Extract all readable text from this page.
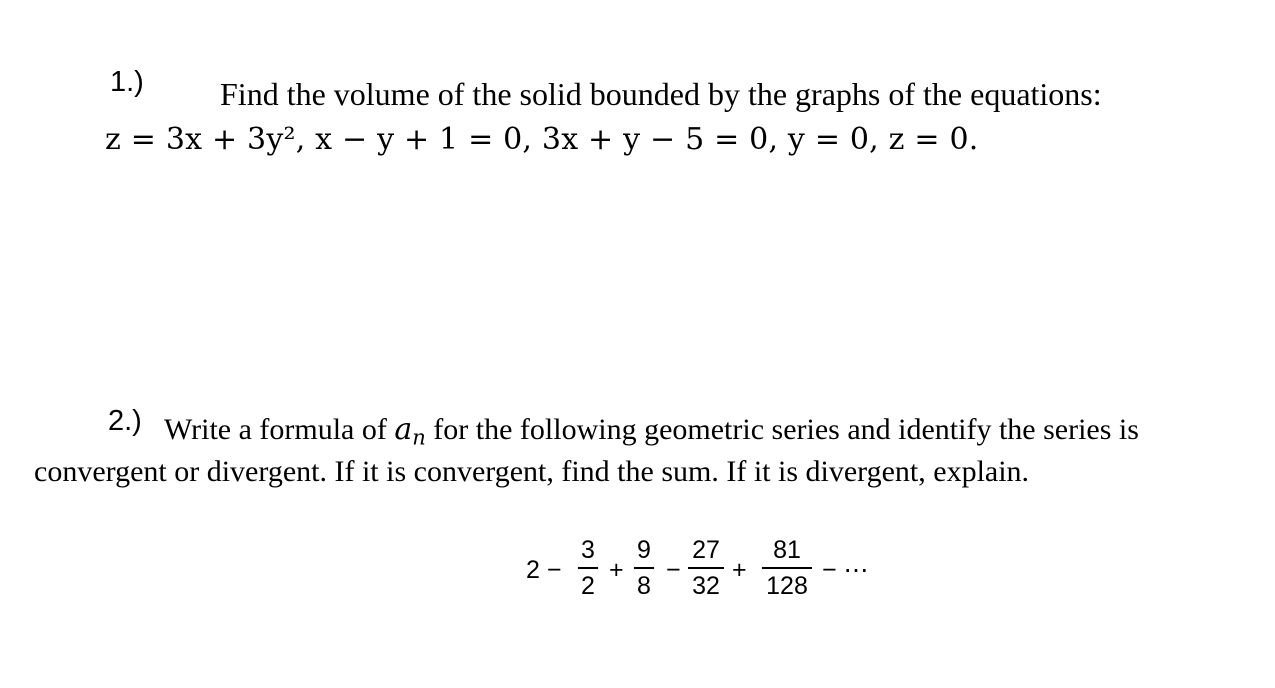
1.) Find the volume of the solid bounded by the graphs of the equations:
z = 3x + 3y², x − y + 1 = 0, 3x + y − 5 = 0, y = 0, z = 0.
2.) Write a formula of $a_n$ for the following geometric series and identify the series is
convergent or divergent. If it is convergent, find the sum. If it is divergent, explain.
2 −
3
2
+
9
8
−
27
32
+
81
128
− ⋯
